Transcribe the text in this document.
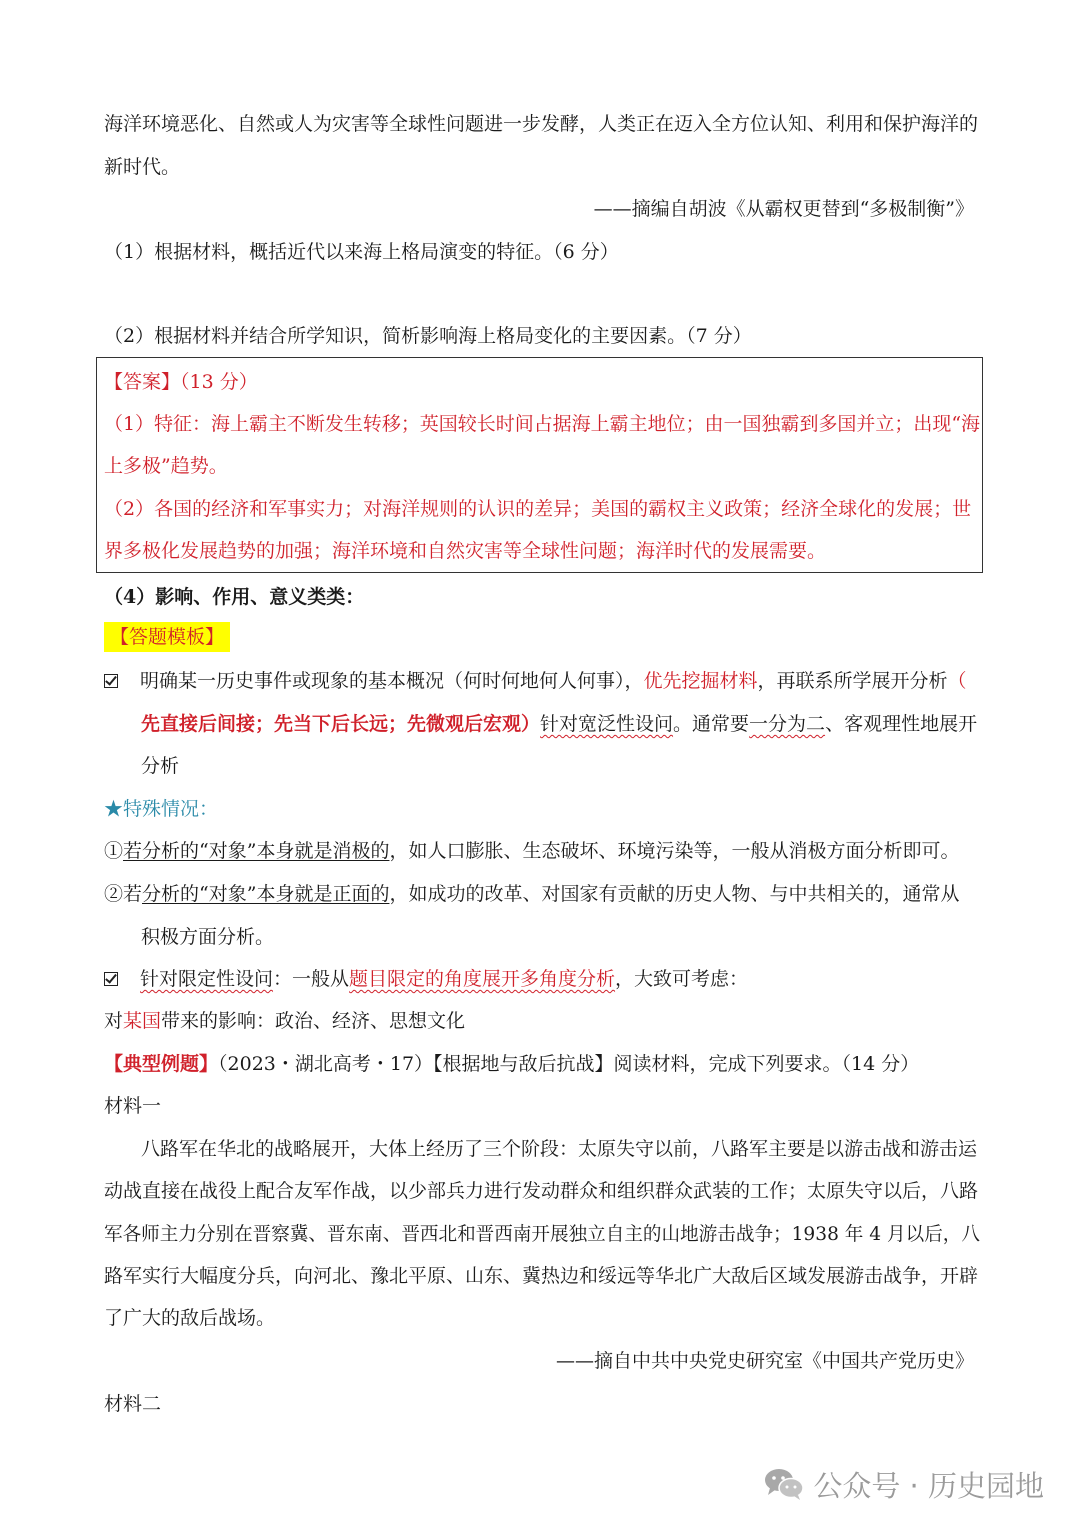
海洋环境恶化、自然或人为灾害等全球性问题进一步发酵，人类正在迈入全方位认知、利用和保护海洋的
新时代。
——摘编自胡波《从霸权更替到“多极制衡”》
（1）根据材料，概括近代以来海上格局演变的特征。（6 分）
（2）根据材料并结合所学知识，简析影响海上格局变化的主要因素。（7 分）
【答案】（13 分）
（1）特征：海上霸主不断发生转移；英国较长时间占据海上霸主地位；由一国独霸到多国并立；出现“海
上多极”趋势。
（2）各国的经济和军事实力；对海洋规则的认识的差异；美国的霸权主义政策；经济全球化的发展；世
界多极化发展趋势的加强；海洋环境和自然灾害等全球性问题；海洋时代的发展需要。
（4）影响、作用、意义类类：
【答题模板】
明确某一历史事件或现象的基本概况（何时何地何人何事），优先挖掘材料，再联系所学展开分析（
先直接后间接；先当下后长远；先微观后宏观）针对宽泛性设问。通常要一分为二、客观理性地展开
分析
★特殊情况：
①若分析的“对象”本身就是消极的，如人口膨胀、生态破坏、环境污染等，一般从消极方面分析即可。
②若分析的“对象”本身就是正面的，如成功的改革、对国家有贡献的历史人物、与中共相关的，通常从
积极方面分析。
针对限定性设问：一般从题目限定的角度展开多角度分析，大致可考虑：
对某国带来的影响：政治、经济、思想文化
【典型例题】（2023・湖北高考・17）【根据地与敌后抗战】阅读材料，完成下列要求。（14 分）
材料一
八路军在华北的战略展开，大体上经历了三个阶段：太原失守以前，八路军主要是以游击战和游击运
动战直接在战役上配合友军作战，以少部兵力进行发动群众和组织群众武装的工作；太原失守以后，八路
军各师主力分别在晋察冀、晋东南、晋西北和晋西南开展独立自主的山地游击战争；1938 年 4 月以后，八
路军实行大幅度分兵，向河北、豫北平原、山东、冀热边和绥远等华北广大敌后区域发展游击战争，开辟
了广大的敌后战场。
——摘自中共中央党史研究室《中国共产党历史》
材料二
公众号 · 历史园地
